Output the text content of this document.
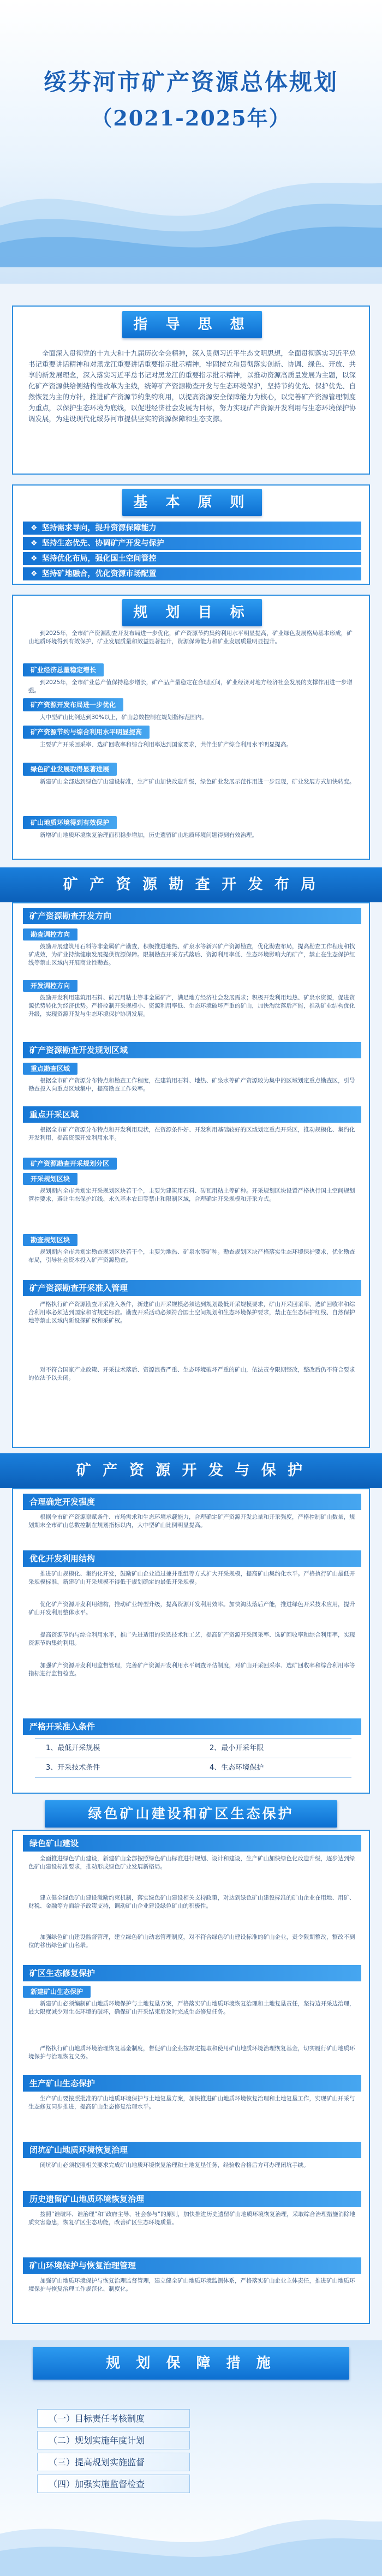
绥芬河市矿产资源总体规划
（2021-2025年）
指 导 思 想

全面深入贯彻党的十九大和十九届历次全会精神，深入贯彻习近平生态文明思想，全面贯彻落实习近平总书记重要讲话精神和对黑龙江重要讲话重要指示批示精神，牢固树立和贯彻落实创新、协调、绿色、开放、共享的新发展理念，深入落实习近平总书记对黑龙江的重要指示批示精神，以推动资源高质量发展为主题，以深化矿产资源供给侧结构性改革为主线，统筹矿产资源勘查开发与生态环境保护，坚持节约优先、保护优先、自然恢复为主的方针，推进矿产资源节约集约利用，以提高资源安全保障能力为核心，以完善矿产资源管理制度为重点，以保护生态环境为底线，以促进经济社会发展为目标，努力实现矿产资源开发利用与生态环境保护协调发展，为建设现代化绥芬河市提供坚实的资源保障和生态支撑。

基 本 原 则
❖ 坚持需求导向，提升资源保障能力
❖ 坚持生态优先、协调矿产开发与保护
❖ 坚持优化布局，强化国土空间管控
❖ 坚持矿地融合，优化资源市场配置
规 划 目 标

到2025年，全市矿产资源勘查开发布局进一步优化，矿产资源节约集约利用水平明显提高，矿业绿色发展格局基本形成，矿山地质环境得到有效保护，矿业发展质量和效益显著提升，资源保障能力和矿业发展质量明显提升。

矿业经济总量稳定增长

到2025年，全市矿业总产值保持稳步增长，矿产品产量稳定在合理区间，矿业经济对地方经济社会发展的支撑作用进一步增强。

矿产资源开发布局进一步优化

大中型矿山比例达到30%以上，矿山总数控制在规划指标范围内。

矿产资源节约与综合利用水平明显提高

主要矿产开采回采率、选矿回收率和综合利用率达到国家要求，共伴生矿产综合利用水平明显提高。

绿色矿业发展取得显著进展

新建矿山全部达到绿色矿山建设标准，生产矿山加快改造升级，绿色矿业发展示范作用进一步显现，矿业发展方式加快转变。

矿山地质环境得到有效保护

新增矿山地质环境恢复治理面积稳步增加，历史遗留矿山地质环境问题得到有效治理。

矿 产 资 源 勘 查 开 发 布 局
矿产资源勘查开发方向
勘查调控方向

鼓励开展建筑用石料等非金属矿产勘查，积极推进地热、矿泉水等新兴矿产资源勘查，优化勘查布局，提高勘查工作程度和找矿成效，为矿业持续健康发展提供资源保障。限制勘查开采方式落后、资源利用率低、生态环境影响大的矿产，禁止在生态保护红线等禁止区域内开展商业性勘查。

开发调控方向

鼓励开发利用建筑用石料、砖瓦用粘土等非金属矿产，满足地方经济社会发展需求；积极开发利用地热、矿泉水资源，促进资源优势转化为经济优势。严格控制开采规模小、资源利用率低、生态环境破坏严重的矿山，加快淘汰落后产能，推动矿业结构优化升级，实现资源开发与生态环境保护协调发展。

矿产资源勘查开发规划区域
重点勘查区域

根据全市矿产资源分布特点和勘查工作程度，在建筑用石料、地热、矿泉水等矿产资源较为集中的区域划定重点勘查区，引导勘查投入向重点区域集中，提高勘查工作效率。

重点开采区域

根据全市矿产资源分布特点和开发利用现状，在资源条件好、开发利用基础较好的区域划定重点开采区，推动规模化、集约化开发利用，提高资源开发利用水平。

矿产资源勘查开采规划分区
开采规划区块

规划期内全市共划定开采规划区块若干个，主要为建筑用石料、砖瓦用粘土等矿种。开采规划区块设置严格执行国土空间规划管控要求，避让生态保护红线、永久基本农田等禁止和限制区域，合理确定开采规模和开采方式。

勘查规划区块

规划期内全市共划定勘查规划区块若干个，主要为地热、矿泉水等矿种。勘查规划区块严格落实生态环境保护要求，优化勘查布局，引导社会资本投入矿产资源勘查。

矿产资源勘查开采准入管理

严格执行矿产资源勘查开采准入条件，新建矿山开采规模必须达到规划最低开采规模要求，矿山开采回采率、选矿回收率和综合利用率必须达到国家和省规定标准。勘查开采活动必须符合国土空间规划和生态环境保护要求，禁止在生态保护红线、自然保护地等禁止区域内新设探矿权和采矿权。

对不符合国家产业政策、开采技术落后、资源浪费严重、生态环境破坏严重的矿山，依法责令限期整改，整改后仍不符合要求的依法予以关闭。

矿 产 资 源 开 发 与 保 护
合理确定开发强度

根据全市矿产资源禀赋条件、市场需求和生态环境承载能力，合理确定矿产资源开发总量和开采强度，严格控制矿山数量，规划期末全市矿山总数控制在规划指标以内，大中型矿山比例明显提高。

优化开发利用结构

推进矿山规模化、集约化开发，鼓励矿山企业通过兼并重组等方式扩大开采规模，提高矿山集约化水平。严格执行矿山最低开采规模标准，新建矿山开采规模不得低于规划确定的最低开采规模。

优化矿产资源开发利用结构，推动矿业转型升级，提高资源开发利用效率。加快淘汰落后产能，推进绿色开采技术应用，提升矿山开发利用整体水平。

提高资源节约与综合利用水平，推广先进适用的采选技术和工艺，提高矿产资源开采回采率、选矿回收率和综合利用率，实现资源节约集约利用。

加强矿产资源开发利用监督管理，完善矿产资源开发利用水平调查评估制度，对矿山开采回采率、选矿回收率和综合利用率等指标进行监督检查。

严格开采准入条件
1、最低开采规模	2、最小开采年限
3、开采技术条件	4、生态环境保护
绿色矿山建设和矿区生态保护
绿色矿山建设

全面推进绿色矿山建设，新建矿山全部按照绿色矿山标准进行规划、设计和建设，生产矿山加快绿色化改造升级，逐步达到绿色矿山建设标准要求，推动形成绿色矿业发展新格局。

建立健全绿色矿山建设激励约束机制，落实绿色矿山建设相关支持政策，对达到绿色矿山建设标准的矿山企业在用地、用矿、财税、金融等方面给予政策支持，调动矿山企业建设绿色矿山的积极性。

加强绿色矿山建设监督管理，建立绿色矿山动态管理制度，对不符合绿色矿山建设标准的矿山企业，责令限期整改，整改不到位的移出绿色矿山名录。

矿区生态修复保护
新建矿山生态保护

新建矿山必须编制矿山地质环境保护与土地复垦方案，严格落实矿山地质环境恢复治理和土地复垦责任，坚持边开采边治理，最大限度减少对生态环境的破坏，确保矿山开采结束后及时完成生态修复任务。

严格执行矿山地质环境治理恢复基金制度，督促矿山企业按规定提取和使用矿山地质环境治理恢复基金，切实履行矿山地质环境保护与治理恢复义务。

生产矿山生态保护

生产矿山要按照批准的矿山地质环境保护与土地复垦方案，加快推进矿山地质环境恢复治理和土地复垦工作，实现矿山开采与生态修复同步推进，提高矿山生态修复治理水平。

闭坑矿山地质环境恢复治理

闭坑矿山必须按照相关要求完成矿山地质环境恢复治理和土地复垦任务，经验收合格后方可办理闭坑手续。

历史遗留矿山地质环境恢复治理

按照“谁破坏、谁治理”和“政府主导、社会参与”的原则，加快推进历史遗留矿山地质环境恢复治理，采取综合治理措施消除地质灾害隐患，恢复矿区生态功能，改善矿区生态环境质量。

矿山环境保护与恢复治理管理

加强矿山地质环境保护与恢复治理监督管理，建立健全矿山地质环境监测体系，严格落实矿山企业主体责任，推进矿山地质环境保护与恢复治理工作规范化、制度化。

规 划 保 障 措 施
（一）目标责任考核制度
（二）规划实施年度计划
（三）提高规划实施监督
（四）加强实施监督检查
